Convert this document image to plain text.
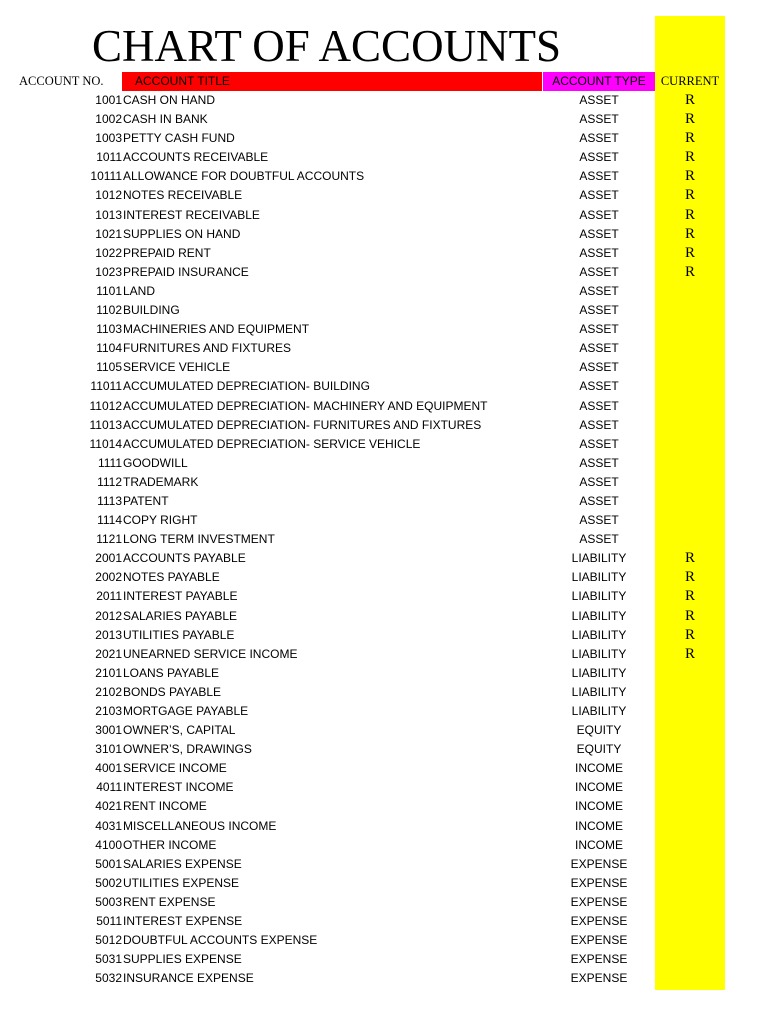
CHART OF ACCOUNTS
ACCOUNT NO.	ACCOUNT TITLE	ACCOUNT TYPE	CURRENT
1001 CASH ON HAND	ASSET	R
1002 CASH IN BANK	ASSET	R
1003 PETTY CASH FUND	ASSET	R
1011 ACCOUNTS RECEIVABLE	ASSET	R
10111 ALLOWANCE FOR DOUBTFUL ACCOUNTS	ASSET	R
1012 NOTES RECEIVABLE	ASSET	R
1013 INTEREST RECEIVABLE	ASSET	R
1021 SUPPLIES ON HAND	ASSET	R
1022 PREPAID RENT	ASSET	R
1023 PREPAID INSURANCE	ASSET	R
1101 LAND	ASSET
1102 BUILDING	ASSET
1103 MACHINERIES AND EQUIPMENT	ASSET
1104 FURNITURES AND FIXTURES	ASSET
1105 SERVICE VEHICLE	ASSET
11011 ACCUMULATED DEPRECIATION- BUILDING	ASSET
11012 ACCUMULATED DEPRECIATION- MACHINERY AND EQUIPMENT	ASSET
11013 ACCUMULATED DEPRECIATION- FURNITURES AND FIXTURES	ASSET
11014 ACCUMULATED DEPRECIATION- SERVICE VEHICLE	ASSET
1111 GOODWILL	ASSET
1112 TRADEMARK	ASSET
1113 PATENT	ASSET
1114 COPY RIGHT	ASSET
1121 LONG TERM INVESTMENT	ASSET
2001 ACCOUNTS PAYABLE	LIABILITY	R
2002 NOTES PAYABLE	LIABILITY	R
2011 INTEREST PAYABLE	LIABILITY	R
2012 SALARIES PAYABLE	LIABILITY	R
2013 UTILITIES PAYABLE	LIABILITY	R
2021 UNEARNED SERVICE INCOME	LIABILITY	R
2101 LOANS PAYABLE	LIABILITY
2102 BONDS PAYABLE	LIABILITY
2103 MORTGAGE PAYABLE	LIABILITY
3001 OWNER’S, CAPITAL	EQUITY
3101 OWNER’S, DRAWINGS	EQUITY
4001 SERVICE INCOME	INCOME
4011 INTEREST INCOME	INCOME
4021 RENT INCOME	INCOME
4031 MISCELLANEOUS INCOME	INCOME
4100 OTHER INCOME	INCOME
5001 SALARIES EXPENSE	EXPENSE
5002 UTILITIES EXPENSE	EXPENSE
5003 RENT EXPENSE	EXPENSE
5011 INTEREST EXPENSE	EXPENSE
5012 DOUBTFUL ACCOUNTS EXPENSE	EXPENSE
5031 SUPPLIES EXPENSE	EXPENSE
5032 INSURANCE EXPENSE	EXPENSE
